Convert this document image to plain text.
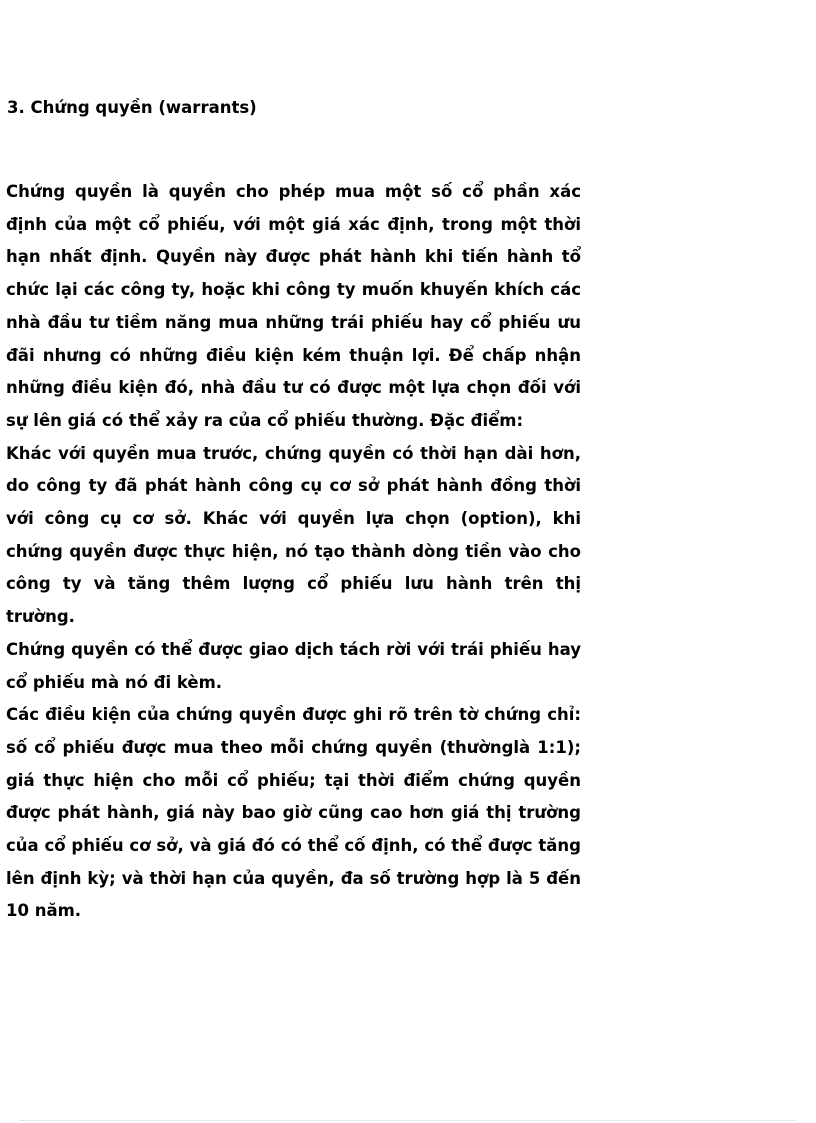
3. Chứng quyền (warrants)

Chứng quyền là quyền cho phép mua một số cổ phần xác định của một cổ phiếu, với một giá xác định, trong một thời hạn nhất định. Quyền này được phát hành khi tiến hành tổ chức lại các công ty, hoặc khi công ty muốn khuyến khích các nhà đầu tư tiềm năng mua những trái phiếu hay cổ phiếu ưu đãi nhưng có những điều kiện kém thuận lợi. Để chấp nhận những điều kiện đó, nhà đầu tư có được một lựa chọn đối với sự lên giá có thể xảy ra của cổ phiếu thường. Đặc điểm:

Khác với quyền mua trước, chứng quyền có thời hạn dài hơn, do công ty đã phát hành công cụ cơ sở phát hành đồng thời với công cụ cơ sở. Khác với quyền lựa chọn (option), khi chứng quyền được thực hiện, nó tạo thành dòng tiền vào cho công ty và tăng thêm lượng cổ phiếu lưu hành trên thị trường.

Chứng quyền có thể được giao dịch tách rời với trái phiếu hay cổ phiếu mà nó đi kèm.

Các điều kiện của chứng quyền được ghi rõ trên tờ chứng chỉ: số cổ phiếu được mua theo mỗi chứng quyền (thườnglà 1:1); giá thực hiện cho mỗi cổ phiếu; tại thời điểm chứng quyền được phát hành, giá này bao giờ cũng cao hơn giá thị trường của cổ phiếu cơ sở, và giá đó có thể cố định, có thể được tăng lên định kỳ; và thời hạn của quyền, đa số trường hợp là 5 đến 10 năm.
